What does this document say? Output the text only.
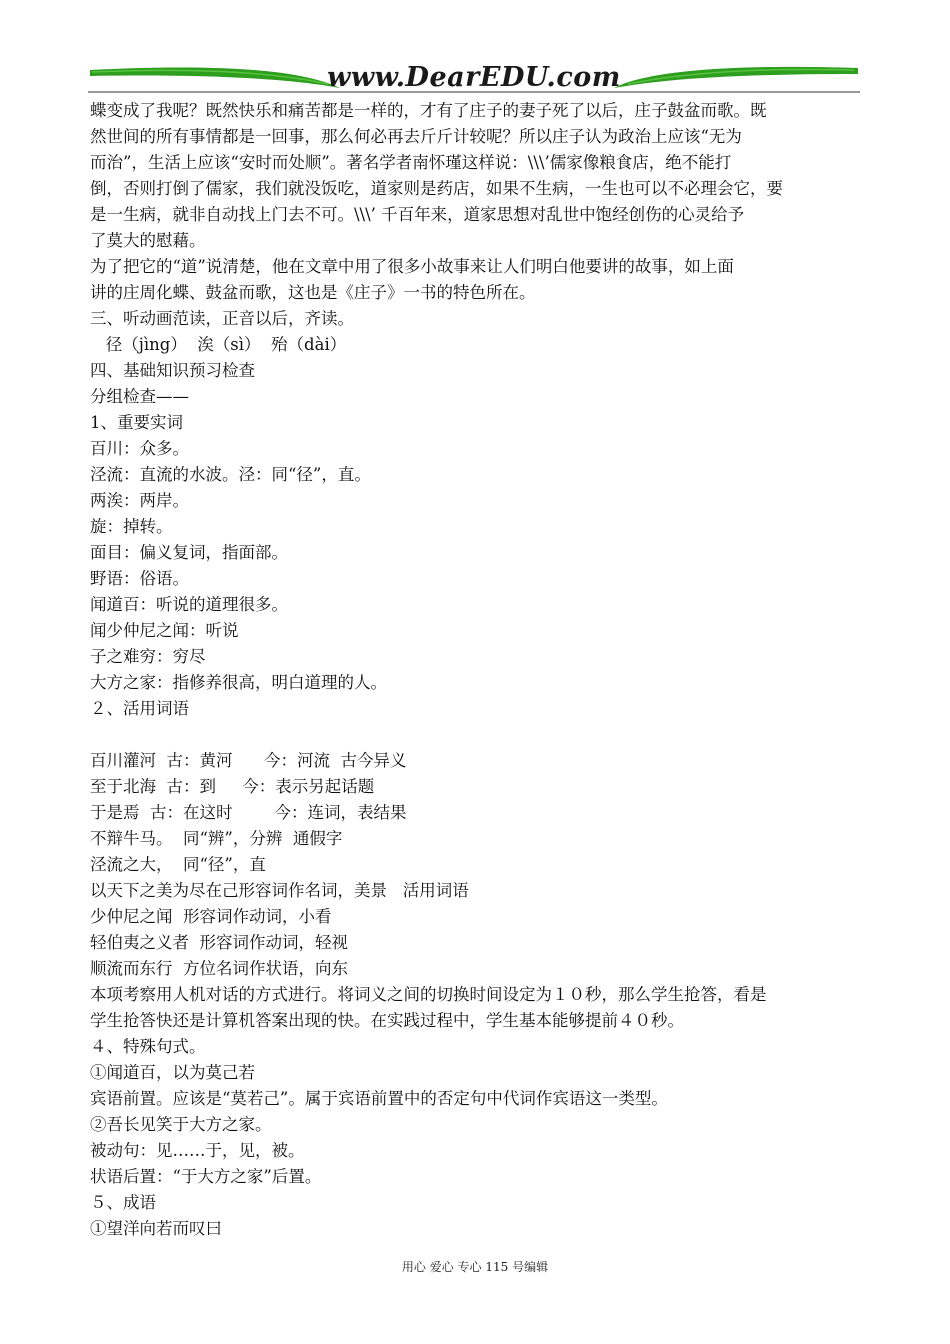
www.DearEDU.com
蝶变成了我呢？既然快乐和痛苦都是一样的，才有了庄子的妻子死了以后，庄子鼓盆而歌。既
然世间的所有事情都是一回事，那么何必再去斤斤计较呢？所以庄子认为政治上应该“无为
而治”，生活上应该“安时而处顺”。著名学者南怀瑾这样说：\\\’儒家像粮食店，绝不能打
倒，否则打倒了儒家，我们就没饭吃，道家则是药店，如果不生病，一生也可以不必理会它，要
是一生病，就非自动找上门去不可。\\\’ 千百年来，道家思想对乱世中饱经创伤的心灵给予
了莫大的慰藉。
为了把它的“道”说清楚，他在文章中用了很多小故事来让人们明白他要讲的故事，如上面
讲的庄周化蝶、鼓盆而歌，这也是《庄子》一书的特色所在。
三、听动画范读，正音以后，齐读。
径（jìng）  涘（sì）  殆（dài）
四、基础知识预习检查
分组检查——
1、重要实词
百川：众多。
泾流：直流的水波。泾：同“径”，直。
两涘：两岸。
旋：掉转。
面目：偏义复词，指面部。
野语：俗语。
闻道百：听说的道理很多。
闻少仲尼之闻：听说
子之难穷：穷尽
大方之家：指修养很高，明白道理的人。
２、活用词语
百川灌河  古：黄河      今：河流  古今异义
至于北海  古：到     今：表示另起话题
于是焉  古：在这时        今：连词，表结果
不辩牛马。  同“辨”，分辨  通假字
泾流之大，  同“径”，直
以天下之美为尽在己形容词作名词，美景   活用词语
少仲尼之闻  形容词作动词，小看
轻伯夷之义者  形容词作动词，轻视
顺流而东行  方位名词作状语，向东
本项考察用人机对话的方式进行。将词义之间的切换时间设定为１０秒，那么学生抢答，看是
学生抢答快还是计算机答案出现的快。在实践过程中，学生基本能够提前４０秒。
４、特殊句式。
①闻道百，以为莫己若
宾语前置。应该是“莫若己”。属于宾语前置中的否定句中代词作宾语这一类型。
②吾长见笑于大方之家。
被动句：见……于，见，被。
状语后置：“于大方之家”后置。
５、成语
①望洋向若而叹曰
用心 爱心 专心 115 号编辑
